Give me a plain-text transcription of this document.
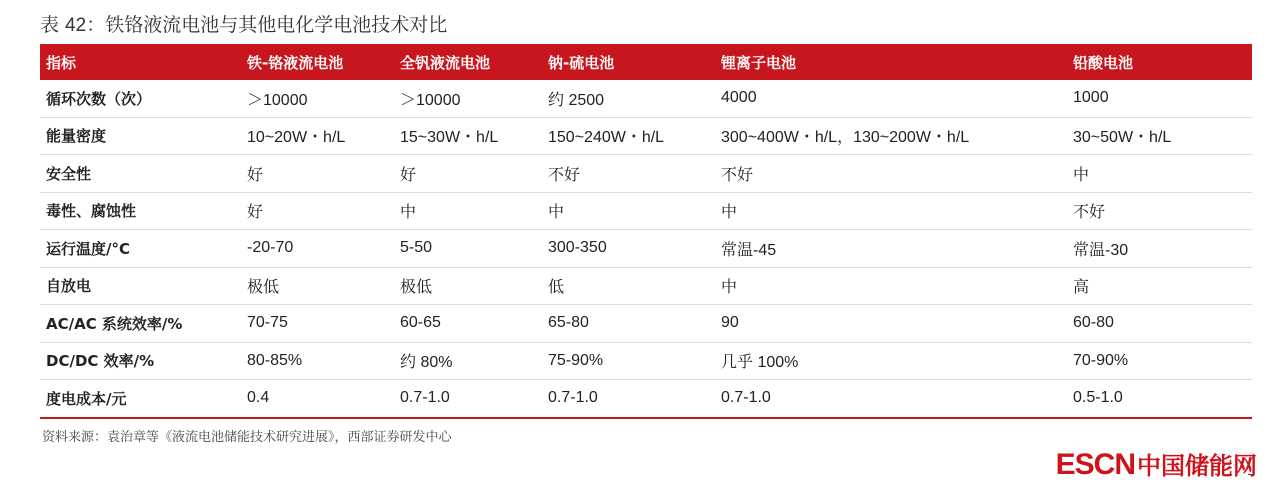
表 42：铁铬液流电池与其他电化学电池技术对比
指标	铁-铬液流电池	全钒液流电池	钠-硫电池	锂离子电池	铅酸电池
循环次数（次）	＞10000	＞10000	约 2500	4000	1000
能量密度	10~20W・h/L	15~30W・h/L	150~240W・h/L	300~400W・h/L，130~200W・h/L	30~50W・h/L
安全性	好	好	不好	不好	中
毒性、腐蚀性	好	中	中	中	不好
运行温度/°C	-20-70	5-50	300-350	常温-45	常温-30
自放电	极低	极低	低	中	高
AC/AC 系统效率/%	70-75	60-65	65-80	90	60-80
DC/DC 效率/%	80-85%	约 80%	75-90%	几乎 100%	70-90%
度电成本/元	0.4	0.7-1.0	0.7-1.0	0.7-1.0	0.5-1.0
资料来源：袁治章等《液流电池储能技术研究进展》，西部证券研发中心
ESCN中国储能网
